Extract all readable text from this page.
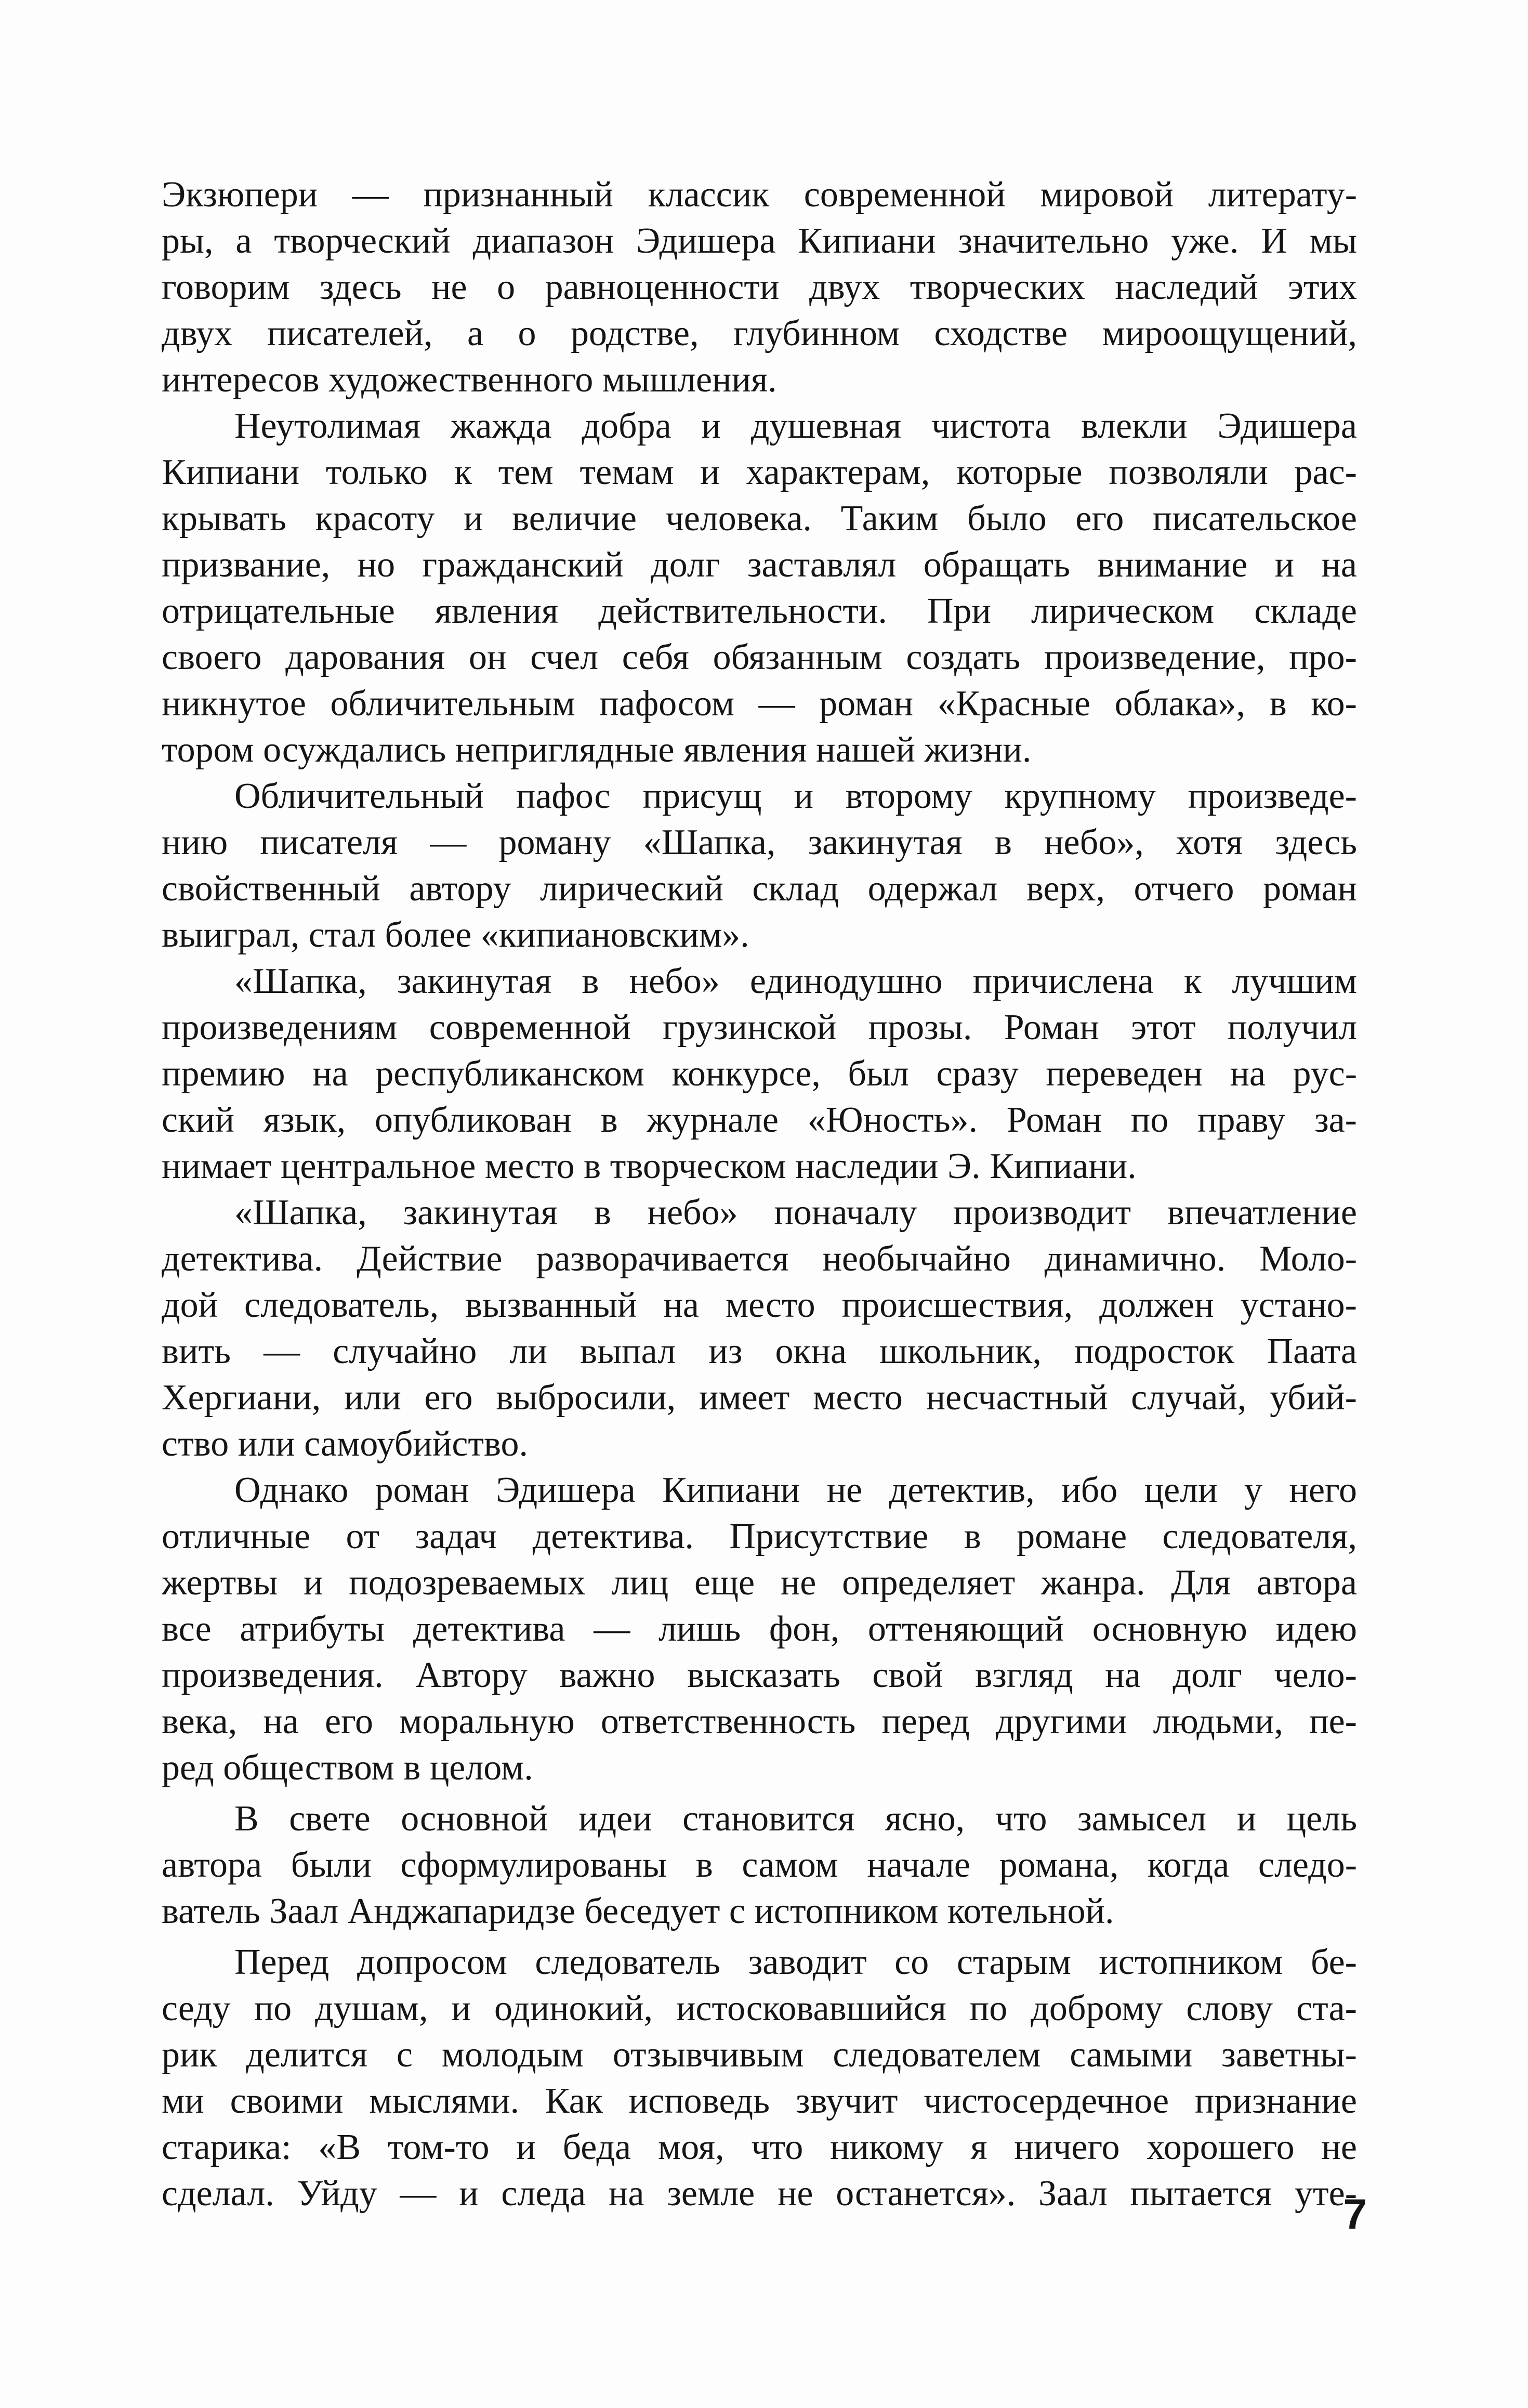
Экзюпери — признанный классик современной мировой литерату-
ры, а творческий диапазон Эдишера Кипиани значительно уже. И мы
говорим здесь не о равноценности двух творческих наследий этих
двух писателей, а о родстве, глубинном сходстве мироощущений,
интересов художественного мышления.
Неутолимая жажда добра и душевная чистота влекли Эдишера
Кипиани только к тем темам и характерам, которые позволяли рас-
крывать красоту и величие человека. Таким было его писательское
призвание, но гражданский долг заставлял обращать внимание и на
отрицательные явления действительности. При лирическом складе
своего дарования он счел себя обязанным создать произведение, про-
никнутое обличительным пафосом — роман «Красные облака», в ко-
тором осуждались неприглядные явления нашей жизни.
Обличительный пафос присущ и второму крупному произведе-
нию писателя — роману «Шапка, закинутая в небо», хотя здесь
свойственный автору лирический склад одержал верх, отчего роман
выиграл, стал более «кипиановским».
«Шапка, закинутая в небо» единодушно причислена к лучшим
произведениям современной грузинской прозы. Роман этот получил
премию на республиканском конкурсе, был сразу переведен на рус-
ский язык, опубликован в журнале «Юность». Роман по праву за-
нимает центральное место в творческом наследии Э. Кипиани.
«Шапка, закинутая в небо» поначалу производит впечатление
детектива. Действие разворачивается необычайно динамично. Моло-
дой следователь, вызванный на место происшествия, должен устано-
вить — случайно ли выпал из окна школьник, подросток Паата
Хергиани, или его выбросили, имеет место несчастный случай, убий-
ство или самоубийство.
Однако роман Эдишера Кипиани не детектив, ибо цели у него
отличные от задач детектива. Присутствие в романе следователя,
жертвы и подозреваемых лиц еще не определяет жанра. Для автора
все атрибуты детектива — лишь фон, оттеняющий основную идею
произведения. Автору важно высказать свой взгляд на долг чело-
века, на его моральную ответственность перед другими людьми, пе-
ред обществом в целом.
В свете основной идеи становится ясно, что замысел и цель
автора были сформулированы в самом начале романа, когда следо-
ватель Заал Анджапаридзе беседует с истопником котельной.
Перед допросом следователь заводит со старым истопником бе-
седу по душам, и одинокий, истосковавшийся по доброму слову ста-
рик делится с молодым отзывчивым следователем самыми заветны-
ми своими мыслями. Как исповедь звучит чистосердечное признание
старика: «В том-то и беда моя, что никому я ничего хорошего не
сделал. Уйду — и следа на земле не останется». Заал пытается уте-
7
